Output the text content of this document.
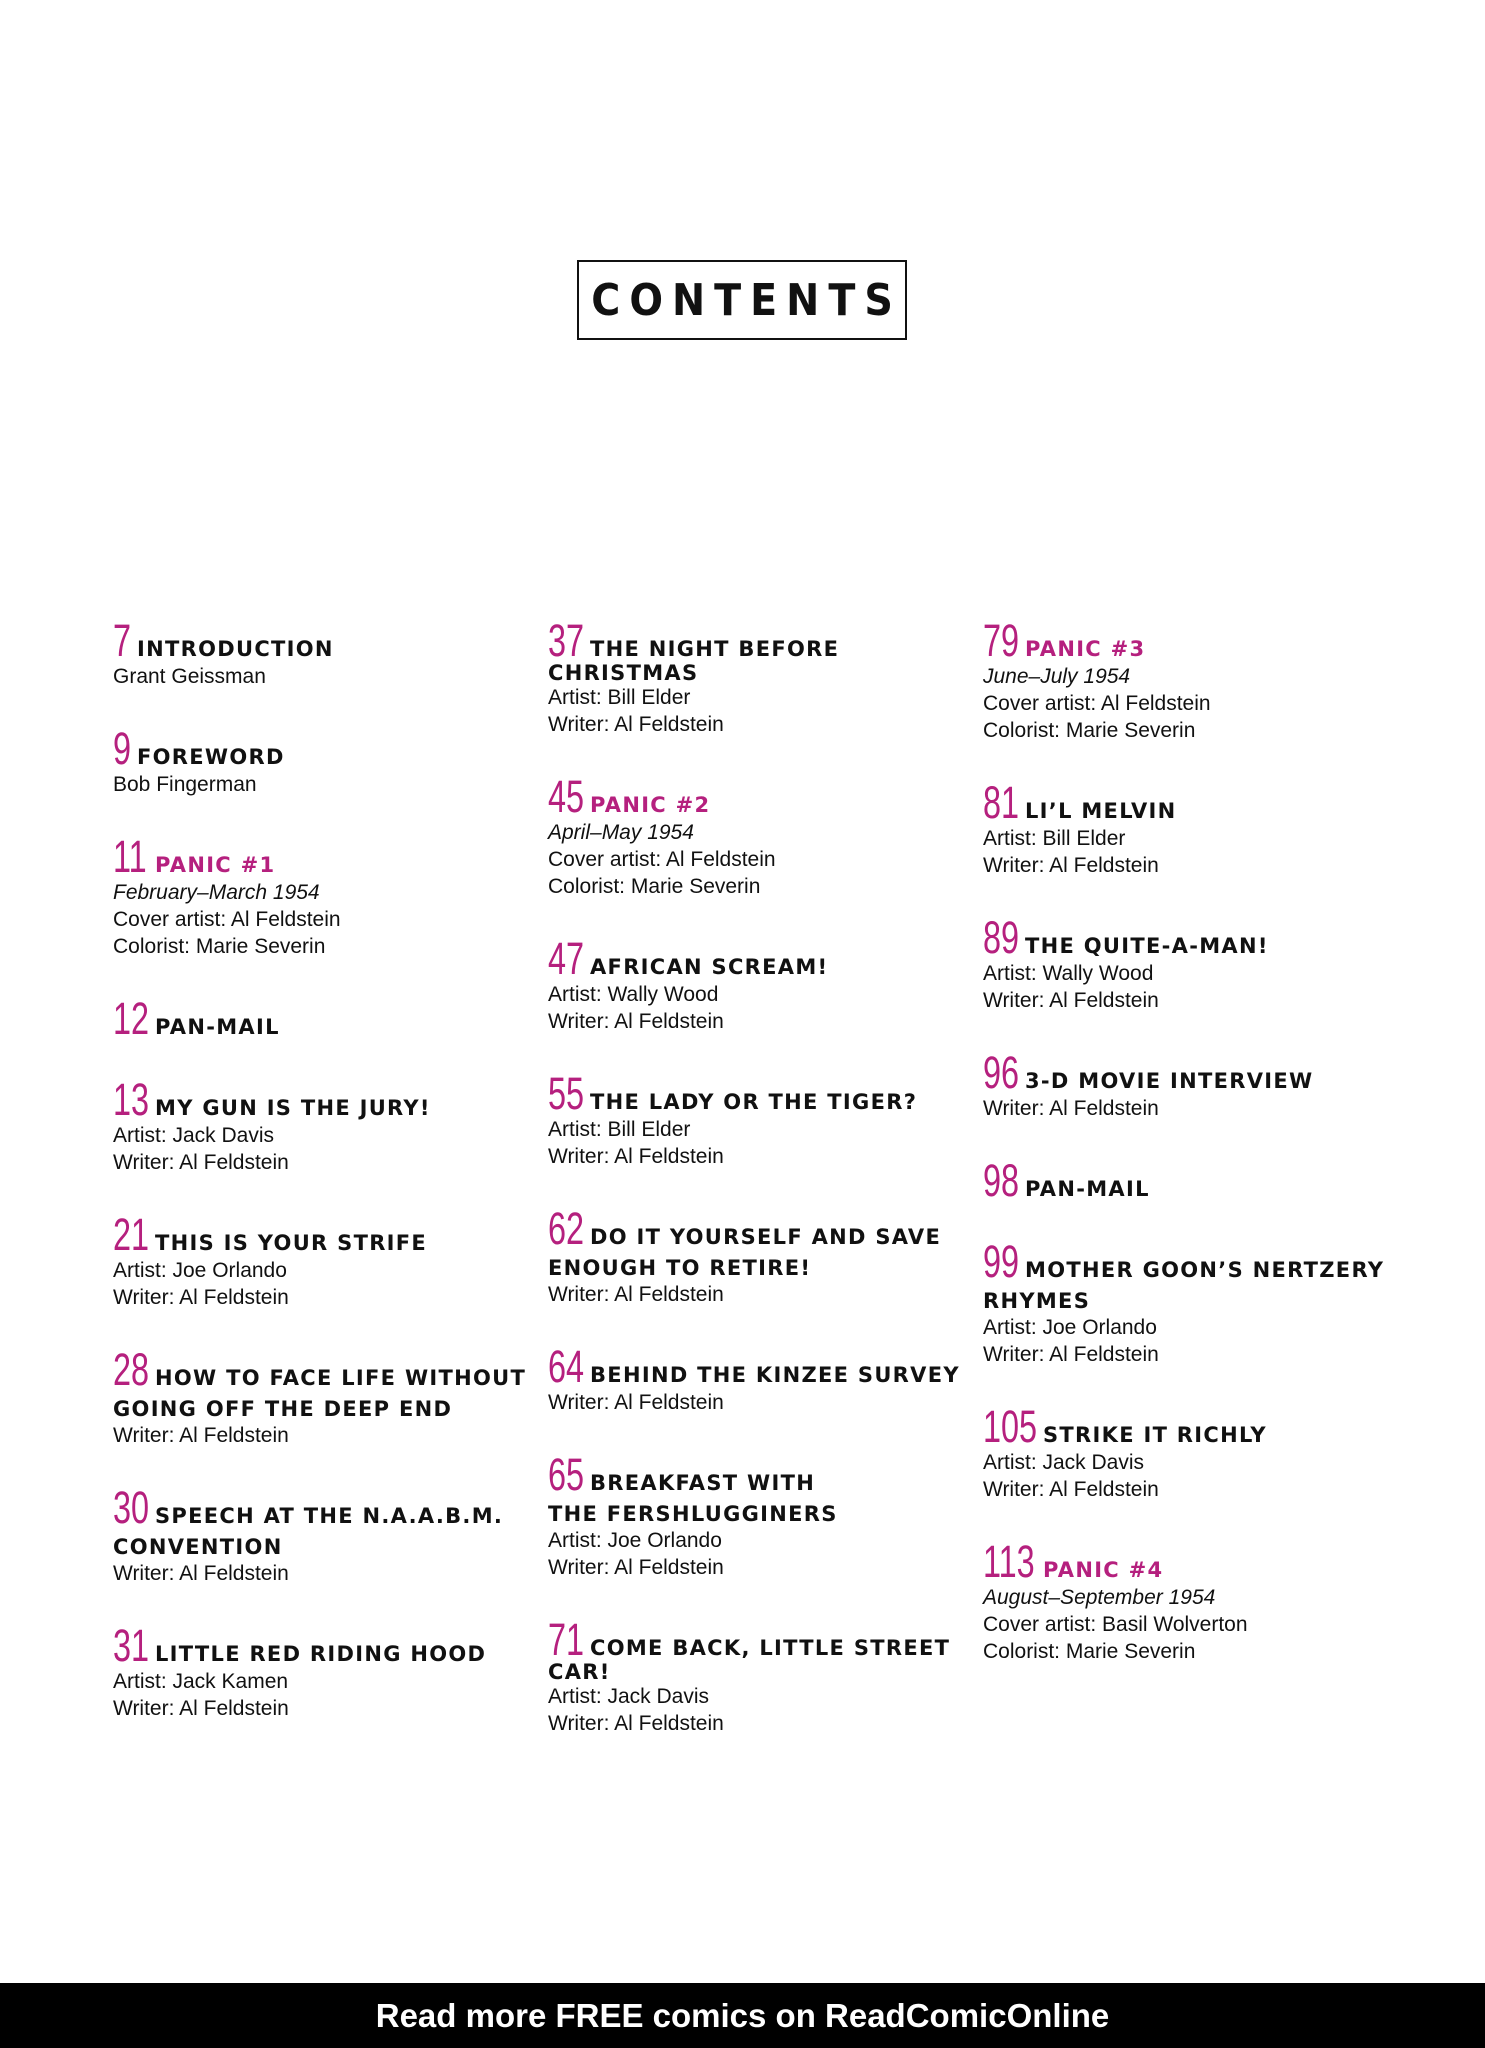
CONTENTS
7 INTRODUCTION
Grant Geissman
9 FOREWORD
Bob Fingerman
11 PANIC #1
February–March 1954
Cover artist: Al Feldstein
Colorist: Marie Severin
12 PAN-MAIL
13 MY GUN IS THE JURY!
Artist: Jack Davis
Writer: Al Feldstein
21 THIS IS YOUR STRIFE
Artist: Joe Orlando
Writer: Al Feldstein
28 HOW TO FACE LIFE WITHOUT
GOING OFF THE DEEP END
Writer: Al Feldstein
30 SPEECH AT THE N.A.A.B.M.
CONVENTION
Writer: Al Feldstein
31 LITTLE RED RIDING HOOD
Artist: Jack Kamen
Writer: Al Feldstein
37 THE NIGHT BEFORE CHRISTMAS
Artist: Bill Elder
Writer: Al Feldstein
45 PANIC #2
April–May 1954
Cover artist: Al Feldstein
Colorist: Marie Severin
47 AFRICAN SCREAM!
Artist: Wally Wood
Writer: Al Feldstein
55 THE LADY OR THE TIGER?
Artist: Bill Elder
Writer: Al Feldstein
62 DO IT YOURSELF AND SAVE
ENOUGH TO RETIRE!
Writer: Al Feldstein
64 BEHIND THE KINZEE SURVEY
Writer: Al Feldstein
65 BREAKFAST WITH
THE FERSHLUGGINERS
Artist: Joe Orlando
Writer: Al Feldstein
71 COME BACK, LITTLE STREET CAR!
Artist: Jack Davis
Writer: Al Feldstein
79 PANIC #3
June–July 1954
Cover artist: Al Feldstein
Colorist: Marie Severin
81 LI’L MELVIN
Artist: Bill Elder
Writer: Al Feldstein
89 THE QUITE-A-MAN!
Artist: Wally Wood
Writer: Al Feldstein
96 3-D MOVIE INTERVIEW
Writer: Al Feldstein
98 PAN-MAIL
99 MOTHER GOON’S NERTZERY
RHYMES
Artist: Joe Orlando
Writer: Al Feldstein
105 STRIKE IT RICHLY
Artist: Jack Davis
Writer: Al Feldstein
113 PANIC #4
August–September 1954
Cover artist: Basil Wolverton
Colorist: Marie Severin
Read more FREE comics on ReadComicOnline
